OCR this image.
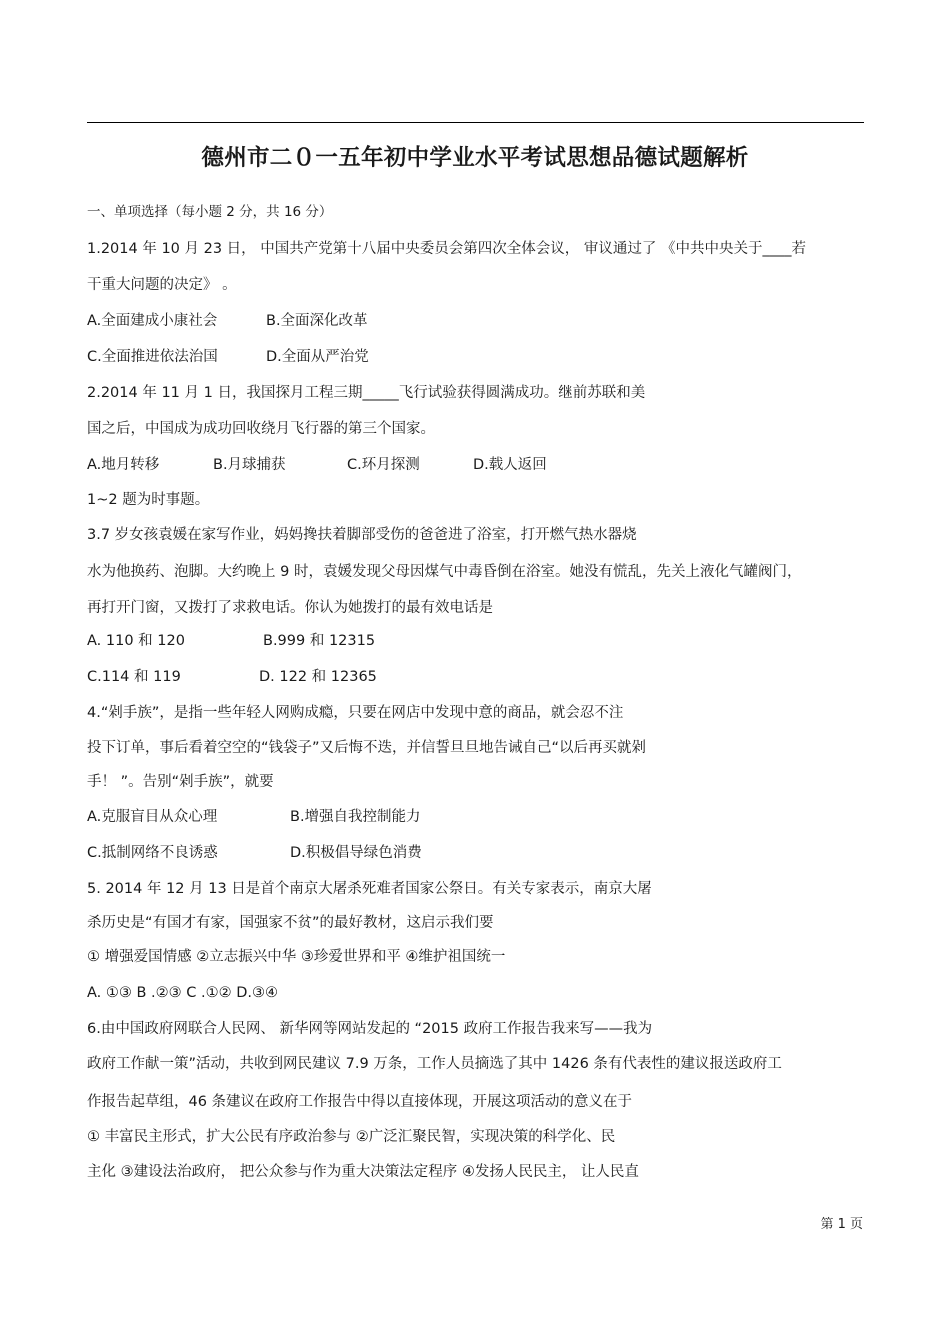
德州市二０一五年初中学业水平考试思想品德试题解析
一、单项选择（每小题 2 分，共 16 分）
1.2014 年 10 月 23 日， 中国共产党第十八届中央委员会第四次全体会议， 审议通过了 《中共中央关于____若
干重大问题的决定》 。
A.全面建成小康社会	B.全面深化改革
C.全面推进依法治国	D.全面从严治党
2.2014 年 11 月 1 日，我国探月工程三期_____飞行试验获得圆满成功。继前苏联和美
国之后，中国成为成功回收绕月飞行器的第三个国家。
A.地月转移	B.月球捕获	C.环月探测	D.载人返回
1~2 题为时事题。
3.7 岁女孩袁媛在家写作业，妈妈搀扶着脚部受伤的爸爸进了浴室，打开燃气热水器烧
水为他换药、泡脚。大约晚上 9 时，袁媛发现父母因煤气中毒昏倒在浴室。她没有慌乱，先关上液化气罐阀门，
再打开门窗，又拨打了求救电话。你认为她拨打的最有效电话是
A. 110 和 120	B.999 和 12315
C.114 和 119	D. 122 和 12365
4.“剁手族”，是指一些年轻人网购成瘾，只要在网店中发现中意的商品，就会忍不注
投下订单，事后看着空空的“钱袋子”又后悔不迭，并信誓旦旦地告诫自己“以后再买就剁
手！ ”。告别“剁手族”，就要
A.克服盲目从众心理	B.增强自我控制能力
C.抵制网络不良诱惑	D.积极倡导绿色消费
5. 2014 年 12 月 13 日是首个南京大屠杀死难者国家公祭日。有关专家表示，南京大屠
杀历史是“有国才有家，国强家不贫”的最好教材，这启示我们要
① 增强爱国情感 ②立志振兴中华 ③珍爱世界和平 ④维护祖国统一
A. ①③ B .②③ C .①② D.③④
6.由中国政府网联合人民网、 新华网等网站发起的 “2015 政府工作报告我来写——我为
政府工作献一策”活动，共收到网民建议 7.9 万条，工作人员摘选了其中 1426 条有代表性的建议报送政府工
作报告起草组，46 条建议在政府工作报告中得以直接体现，开展这项活动的意义在于
① 丰富民主形式，扩大公民有序政治参与 ②广泛汇聚民智，实现决策的科学化、民
主化 ③建设法治政府， 把公众参与作为重大决策法定程序 ④发扬人民民主， 让人民直
第 1 页
